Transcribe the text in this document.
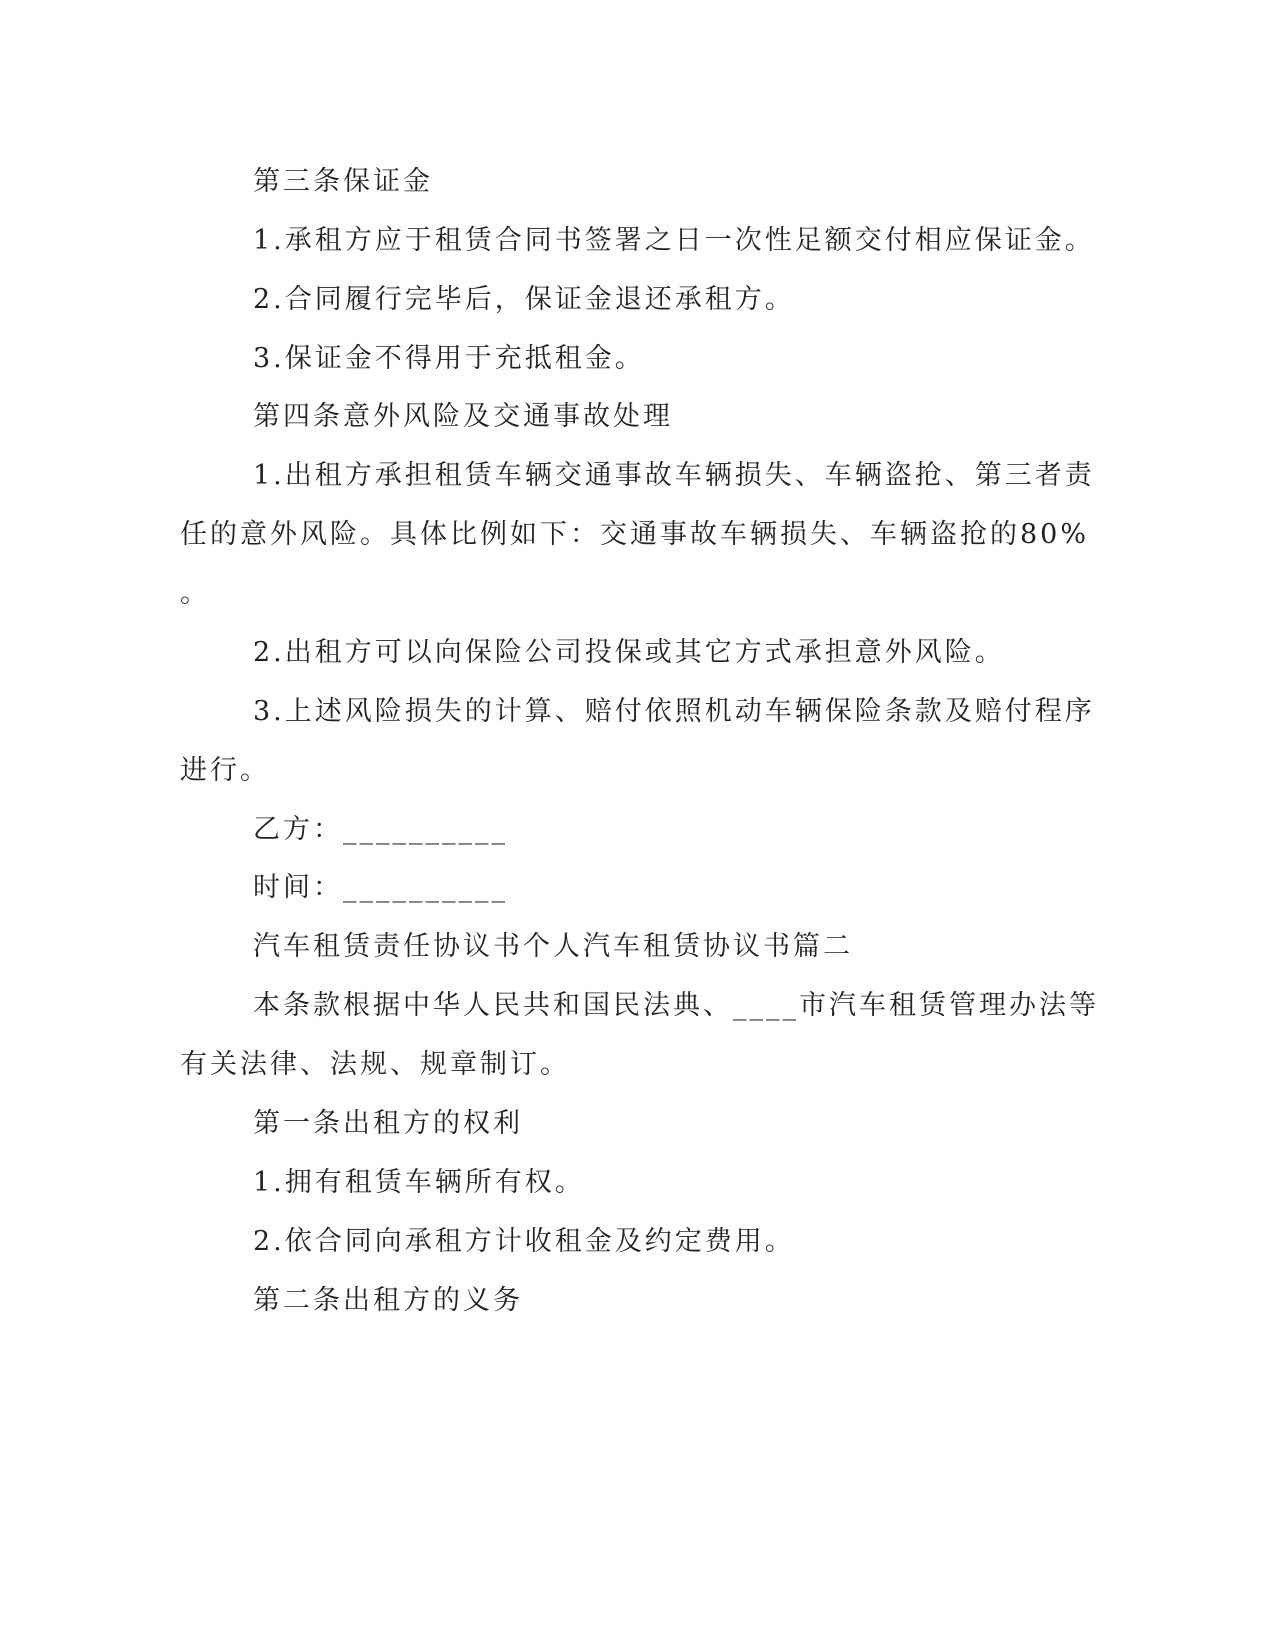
第三条保证金
1.承租方应于租赁合同书签署之日一次性足额交付相应保证金。
2.合同履行完毕后，保证金退还承租方。
3.保证金不得用于充抵租金。
第四条意外风险及交通事故处理
1.出租方承担租赁车辆交通事故车辆损失、车辆盗抢、第三者责
任的意外风险。具体比例如下：交通事故车辆损失、车辆盗抢的80%
。
2.出租方可以向保险公司投保或其它方式承担意外风险。
3.上述风险损失的计算、赔付依照机动车辆保险条款及赔付程序
进行。
乙方：__________
时间：__________
汽车租赁责任协议书个人汽车租赁协议书篇二
本条款根据中华人民共和国民法典、____市汽车租赁管理办法等
有关法律、法规、规章制订。
第一条出租方的权利
1.拥有租赁车辆所有权。
2.依合同向承租方计收租金及约定费用。
第二条出租方的义务
